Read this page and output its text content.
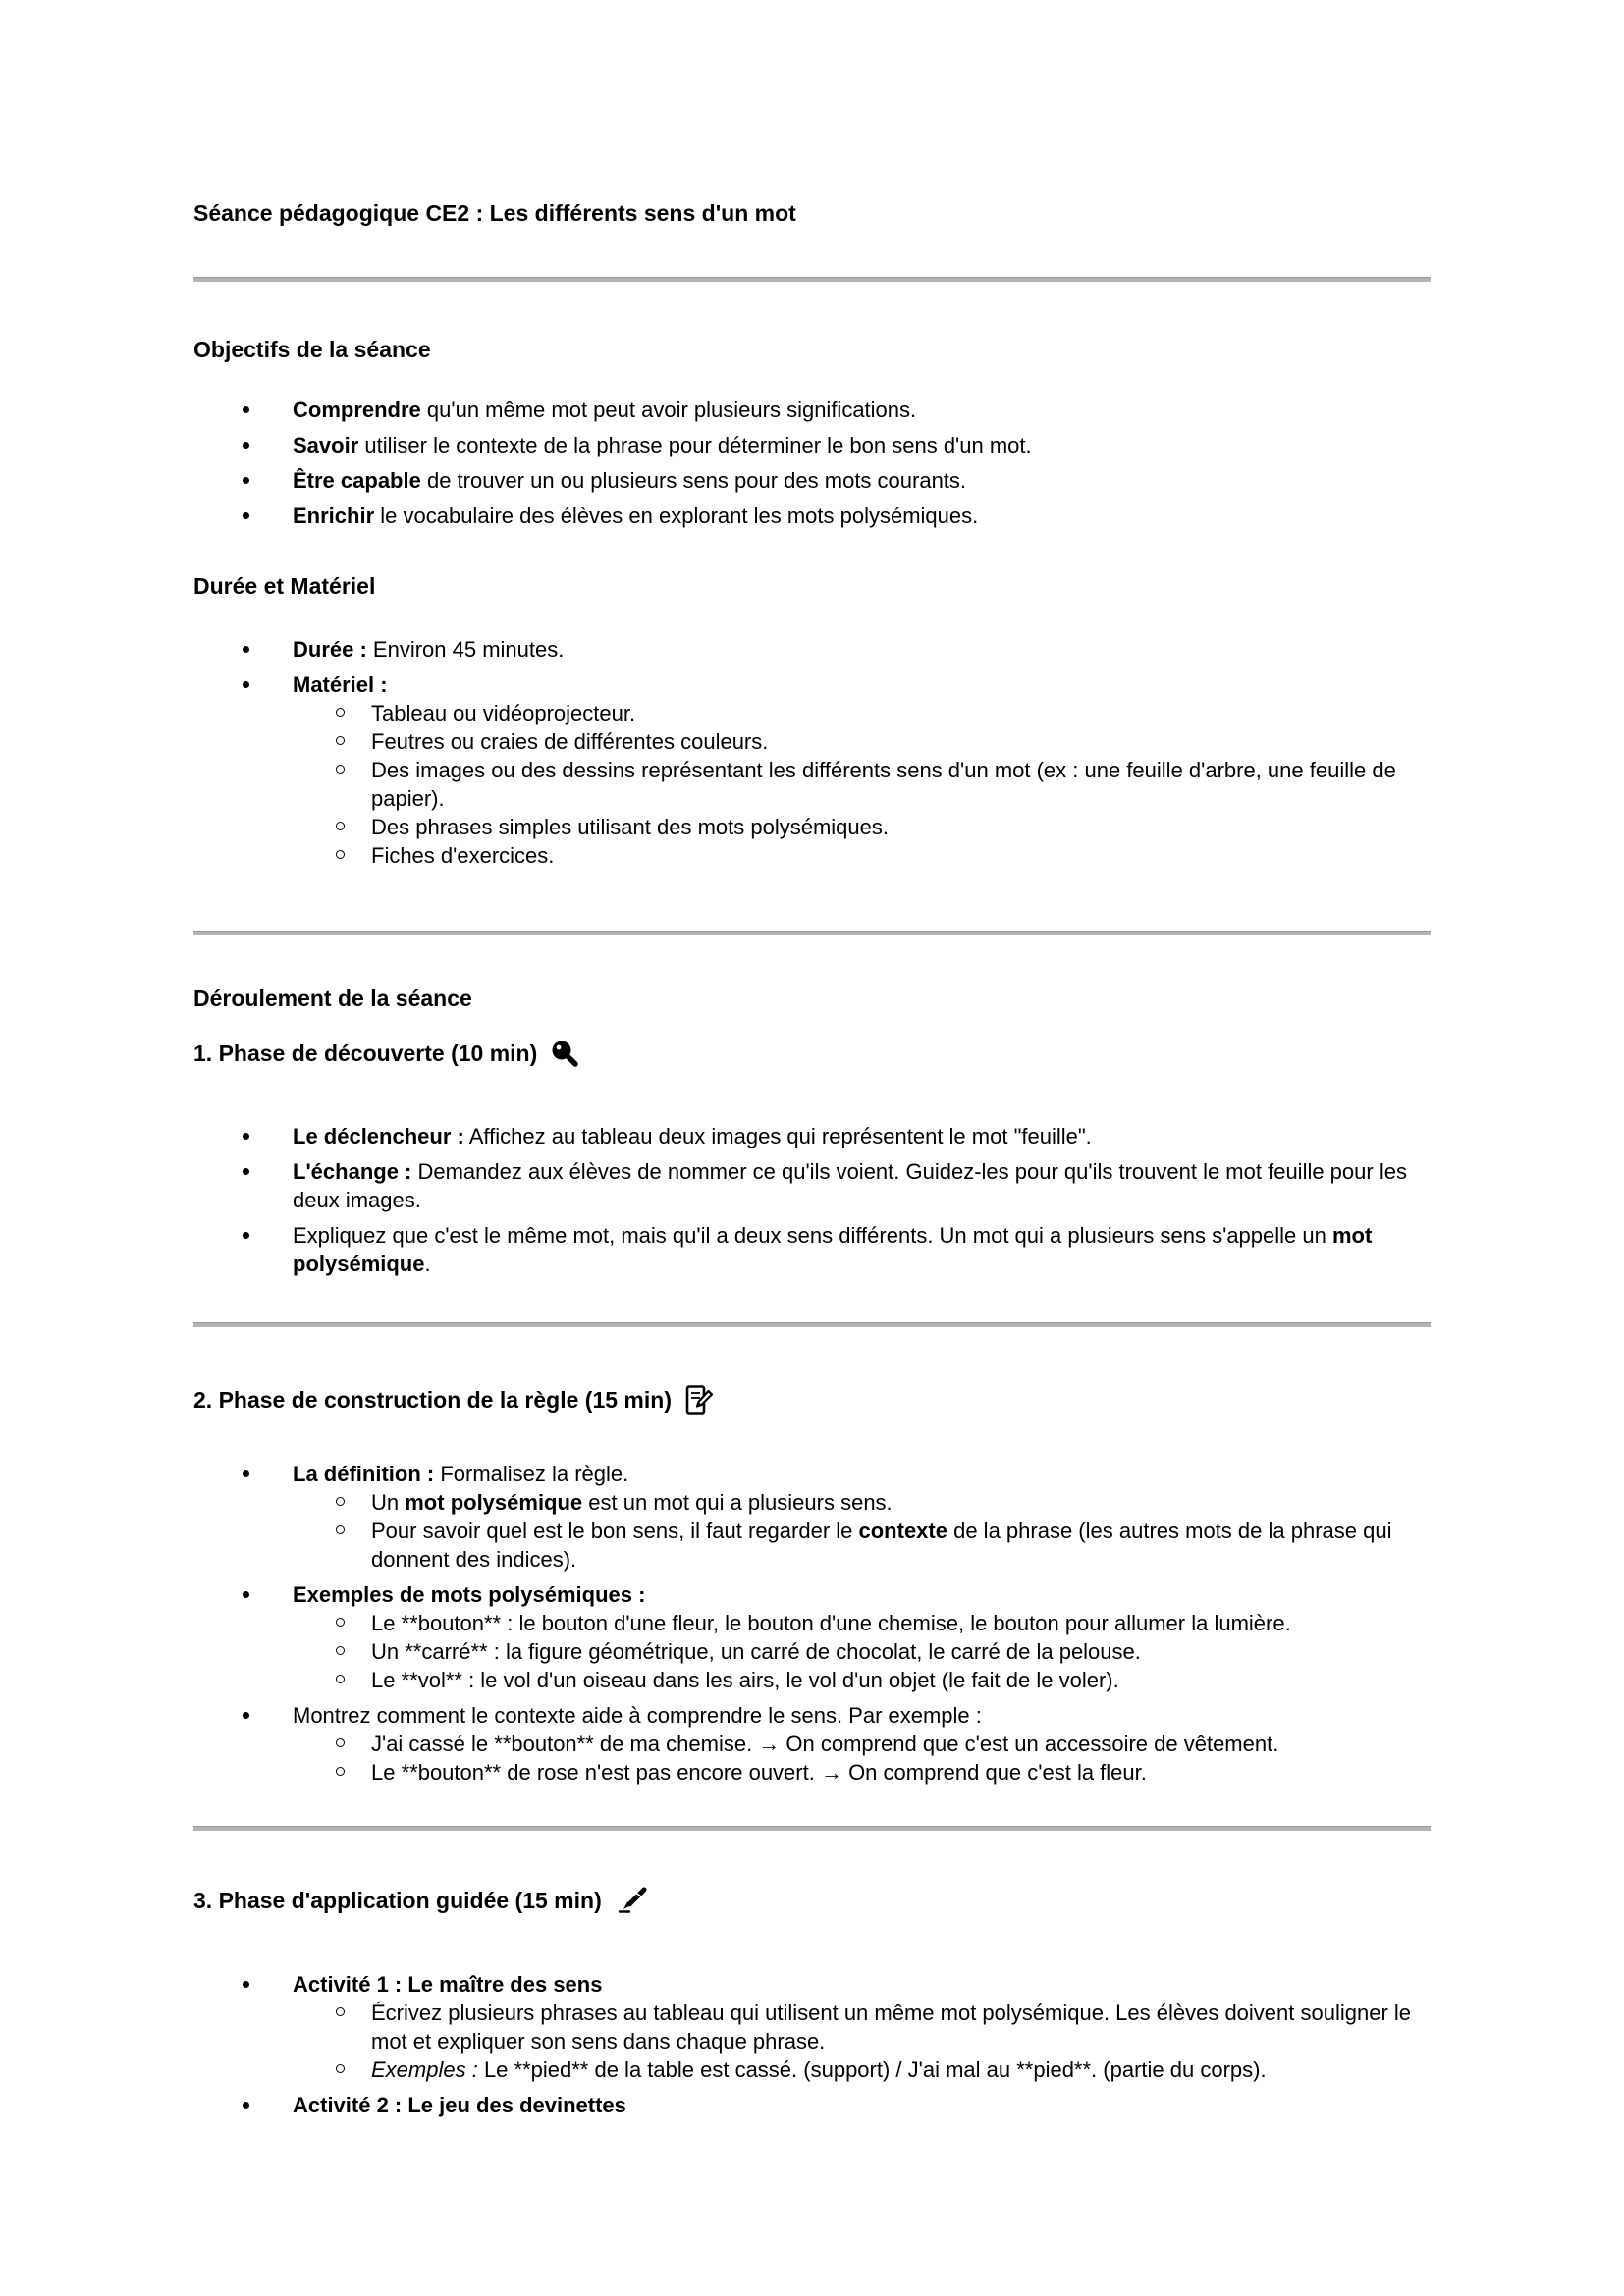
Séance pédagogique CE2 : Les différents sens d'un mot
Objectifs de la séance
Comprendre qu'un même mot peut avoir plusieurs significations.
Savoir utiliser le contexte de la phrase pour déterminer le bon sens d'un mot.
Être capable de trouver un ou plusieurs sens pour des mots courants.
Enrichir le vocabulaire des élèves en explorant les mots polysémiques.
Durée et Matériel
Durée : Environ 45 minutes.
Matériel :
Tableau ou vidéoprojecteur.
Feutres ou craies de différentes couleurs.
Des images ou des dessins représentant les différents sens d'un mot (ex : une feuille d'arbre, une feuille de papier).
Des phrases simples utilisant des mots polysémiques.
Fiches d'exercices.
Déroulement de la séance
1. Phase de découverte (10 min)
Le déclencheur : Affichez au tableau deux images qui représentent le mot "feuille".
L'échange : Demandez aux élèves de nommer ce qu'ils voient. Guidez-les pour qu'ils trouvent le mot feuille pour les deux images.
Expliquez que c'est le même mot, mais qu'il a deux sens différents. Un mot qui a plusieurs sens s'appelle un mot polysémique.
2. Phase de construction de la règle (15 min)
La définition : Formalisez la règle.
Un mot polysémique est un mot qui a plusieurs sens.
Pour savoir quel est le bon sens, il faut regarder le contexte de la phrase (les autres mots de la phrase qui donnent des indices).
Exemples de mots polysémiques :
Le **bouton** : le bouton d'une fleur, le bouton d'une chemise, le bouton pour allumer la lumière.
Un **carré** : la figure géométrique, un carré de chocolat, le carré de la pelouse.
Le **vol** : le vol d'un oiseau dans les airs, le vol d'un objet (le fait de le voler).
Montrez comment le contexte aide à comprendre le sens. Par exemple :
J'ai cassé le **bouton** de ma chemise. → On comprend que c'est un accessoire de vêtement.
Le **bouton** de rose n'est pas encore ouvert. → On comprend que c'est la fleur.
3. Phase d'application guidée (15 min)
Activité 1 : Le maître des sens
Écrivez plusieurs phrases au tableau qui utilisent un même mot polysémique. Les élèves doivent souligner le mot et expliquer son sens dans chaque phrase.
Exemples : Le **pied** de la table est cassé. (support) / J'ai mal au **pied**. (partie du corps).
Activité 2 : Le jeu des devinettes
